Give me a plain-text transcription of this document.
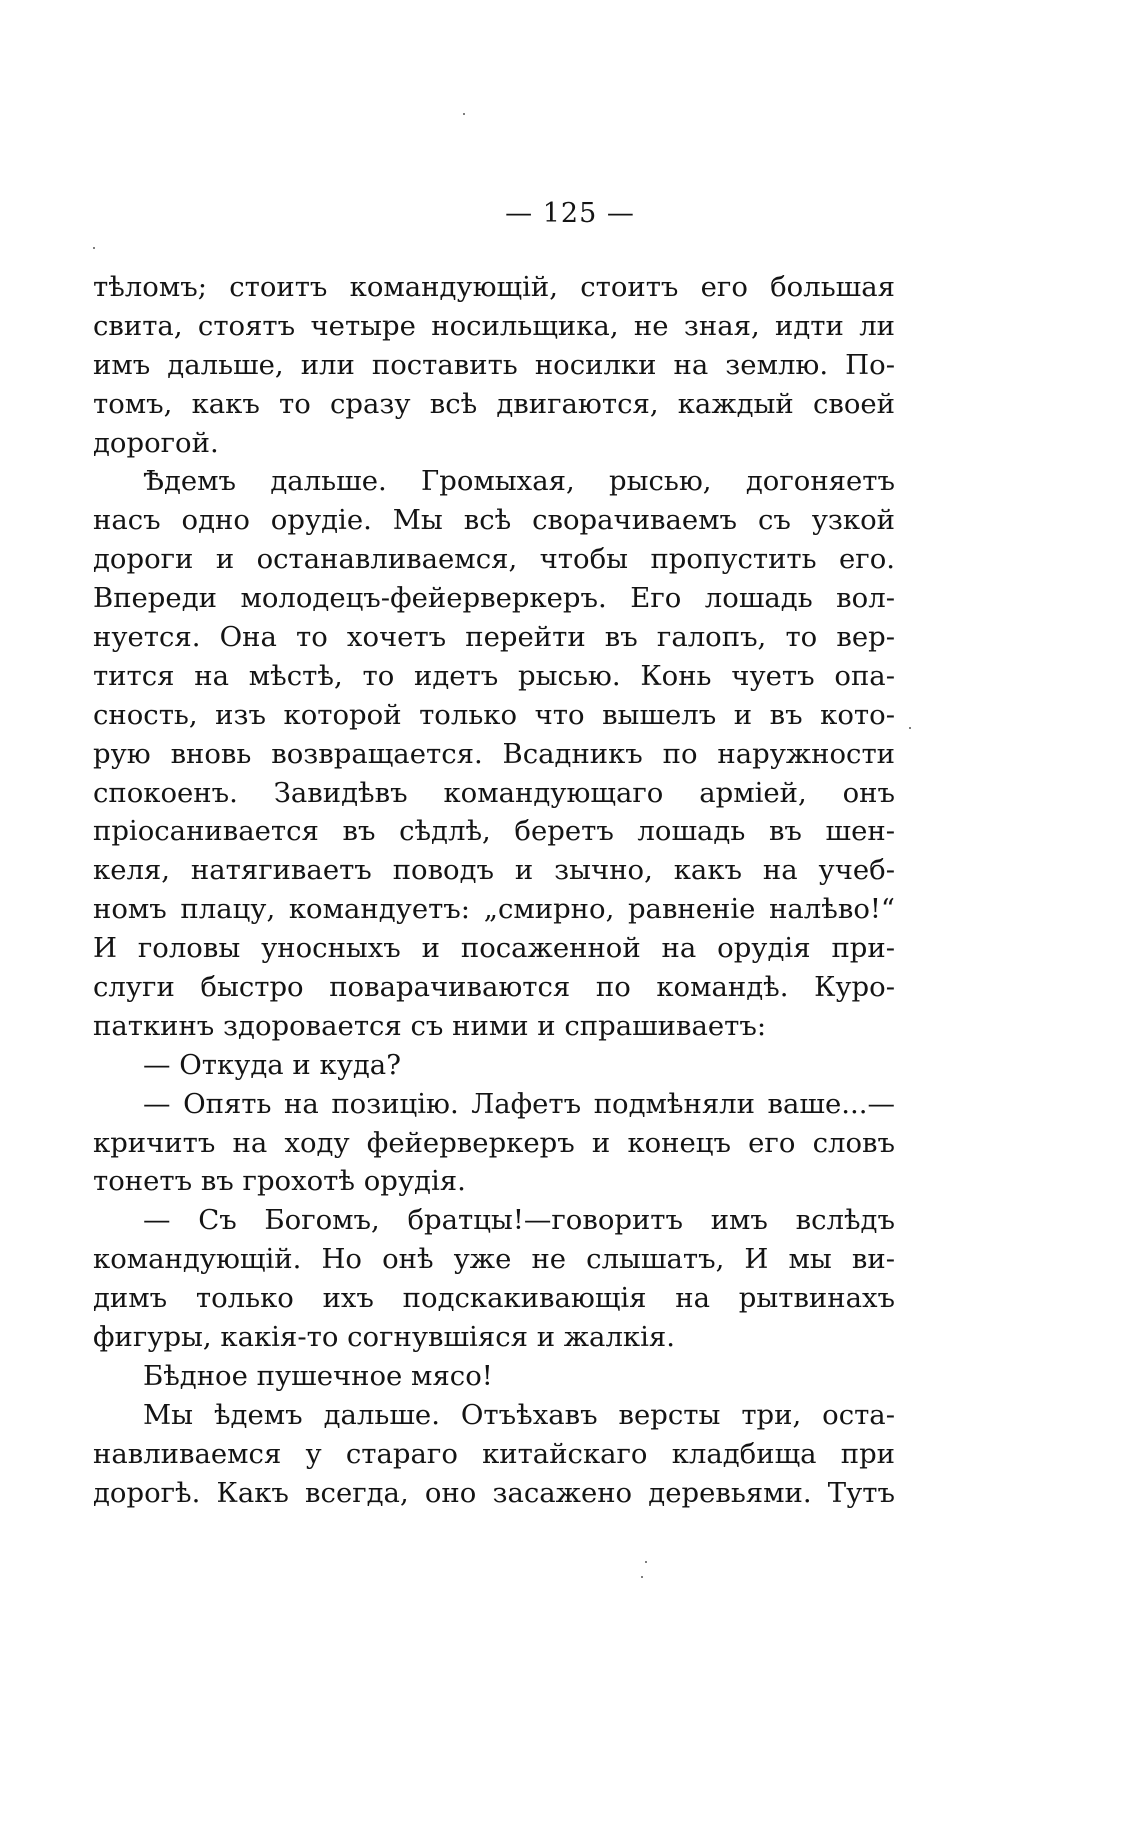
— 125 —
тѣломъ; стоитъ командующій, стоитъ его большая
свита, стоятъ четыре носильщика, не зная, идти ли
имъ дальше, или поставить носилки на землю. По-
томъ, какъ то сразу всѣ двигаются, каждый своей
дорогой.
Ѣдемъ дальше. Громыхая, рысью, догоняетъ
насъ одно орудіе. Мы всѣ сворачиваемъ съ узкой
дороги и останавливаемся, чтобы пропустить его.
Впереди молодецъ-фейерверкеръ. Его лошадь вол-
нуется. Она то хочетъ перейти въ галопъ, то вер-
тится на мѣстѣ, то идетъ рысью. Конь чуетъ опа-
сность, изъ которой только что вышелъ и въ кото-
рую вновь возвращается. Всадникъ по наружности
спокоенъ. Завидѣвъ командующаго арміей, онъ
пріосанивается въ сѣдлѣ, беретъ лошадь въ шен-
келя, натягиваетъ поводъ и зычно, какъ на учеб-
номъ плацу, командуетъ: „смирно, равненіе налѣво!“
И головы уносныхъ и посаженной на орудія при-
слуги быстро поварачиваются по командѣ. Куро-
паткинъ здоровается съ ними и спрашиваетъ:
— Откуда и куда?
— Опять на позицію. Лафетъ подмѣняли ваше...—
кричитъ на ходу фейерверкеръ и конецъ его словъ
тонетъ въ грохотѣ орудія.
— Съ Богомъ, братцы!—говоритъ имъ вслѣдъ
командующій. Но онѣ уже не слышатъ, И мы ви-
димъ только ихъ подскакивающія на рытвинахъ
фигуры, какія-то согнувшіяся и жалкія.
Бѣдное пушечное мясо!
Мы ѣдемъ дальше. Отъѣхавъ версты три, оста-
навливаемся у стараго китайскаго кладбища при
дорогѣ. Какъ всегда, оно засажено деревьями. Тутъ
